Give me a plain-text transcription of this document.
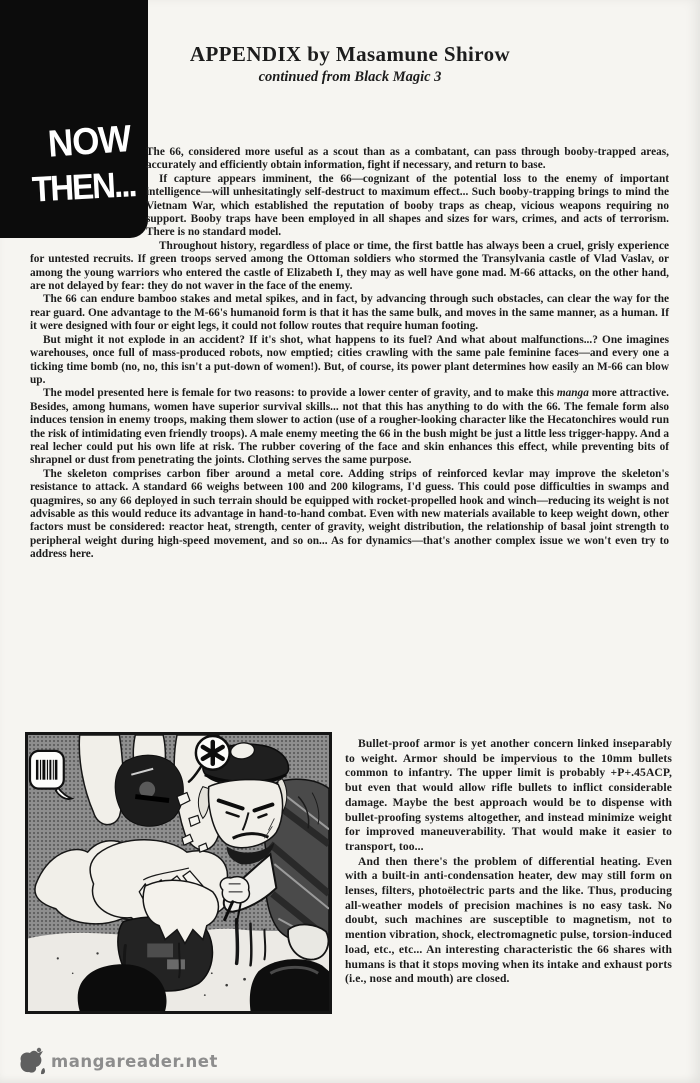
NOW
THEN...
APPENDIX by Masamune Shirow
continued from Black Magic 3

The 66, considered more useful as a scout than as a combatant, can pass through booby-trapped areas, accurately and efficiently obtain information, fight if necessary, and return to base.

If capture appears imminent, the 66—cognizant of the potential loss to the enemy of important intelligence—will unhesitatingly self-destruct to maximum effect... Such booby-trapping brings to mind the Vietnam War, which established the reputation of booby traps as cheap, vicious weapons requiring no support. Booby traps have been employed in all shapes and sizes for wars, crimes, and acts of terrorism. There is no standard model.

Throughout history, regardless of place or time, the first battle has always been a cruel, grisly experience for untested recruits. If green troops served among the Ottoman soldiers who stormed the Transylvania castle of Vlad Vaslav, or among the young warriors who entered the castle of Elizabeth I, they may as well have gone mad. M-66 attacks, on the other hand, are not delayed by fear: they do not waver in the face of the enemy.

The 66 can endure bamboo stakes and metal spikes, and in fact, by advancing through such obstacles, can clear the way for the rear guard. One advantage to the M-66's humanoid form is that it has the same bulk, and moves in the same manner, as a human. If it were designed with four or eight legs, it could not follow routes that require human footing.

But might it not explode in an accident? If it's shot, what happens to its fuel? And what about malfunctions...? One imagines warehouses, once full of mass-produced robots, now emptied; cities crawling with the same pale feminine faces—and every one a ticking time bomb (no, no, this isn't a put-down of women!). But, of course, its power plant determines how easily an M-66 can blow up.

The model presented here is female for two reasons: to provide a lower center of gravity, and to make this manga more attractive. Besides, among humans, women have superior survival skills... not that this has anything to do with the 66. The female form also induces tension in enemy troops, making them slower to action (use of a rougher-looking character like the Hecatonchires would run the risk of intimidating even friendly troops). A male enemy meeting the 66 in the bush might be just a little less trigger-happy. And a real lecher could put his own life at risk. The rubber covering of the face and skin enhances this effect, while preventing bits of shrapnel or dust from penetrating the joints. Clothing serves the same purpose.

The skeleton comprises carbon fiber around a metal core. Adding strips of reinforced kevlar may improve the skeleton's resistance to attack. A standard 66 weighs between 100 and 200 kilograms, I'd guess. This could pose difficulties in swamps and quagmires, so any 66 deployed in such terrain should be equipped with rocket-propelled hook and winch—reducing its weight is not advisable as this would reduce its advantage in hand-to-hand combat. Even with new materials available to keep weight down, other factors must be considered: reactor heat, strength, center of gravity, weight distribution, the relationship of basal joint strength to peripheral weight during high-speed movement, and so on... As for dynamics—that's another complex issue we won't even try to address here.

Bullet-proof armor is yet another concern linked inseparably to weight. Armor should be impervious to the 10mm bullets common to infantry. The upper limit is probably +P+.45ACP, but even that would allow rifle bullets to inflict considerable damage. Maybe the best approach would be to dispense with bullet-proofing systems altogether, and instead minimize weight for improved maneuverability. That would make it easier to transport, too...

And then there's the problem of differential heating. Even with a built-in anti-condensation heater, dew may still form on lenses, filters, photoëlectric parts and the like. Thus, producing all-weather models of precision machines is no easy task. No doubt, such machines are susceptible to magnetism, not to mention vibration, shock, electromagnetic pulse, torsion-induced load, etc., etc... An interesting characteristic the 66 shares with humans is that it stops moving when its intake and exhaust ports (i.e., nose and mouth) are closed.

mangareader.net
